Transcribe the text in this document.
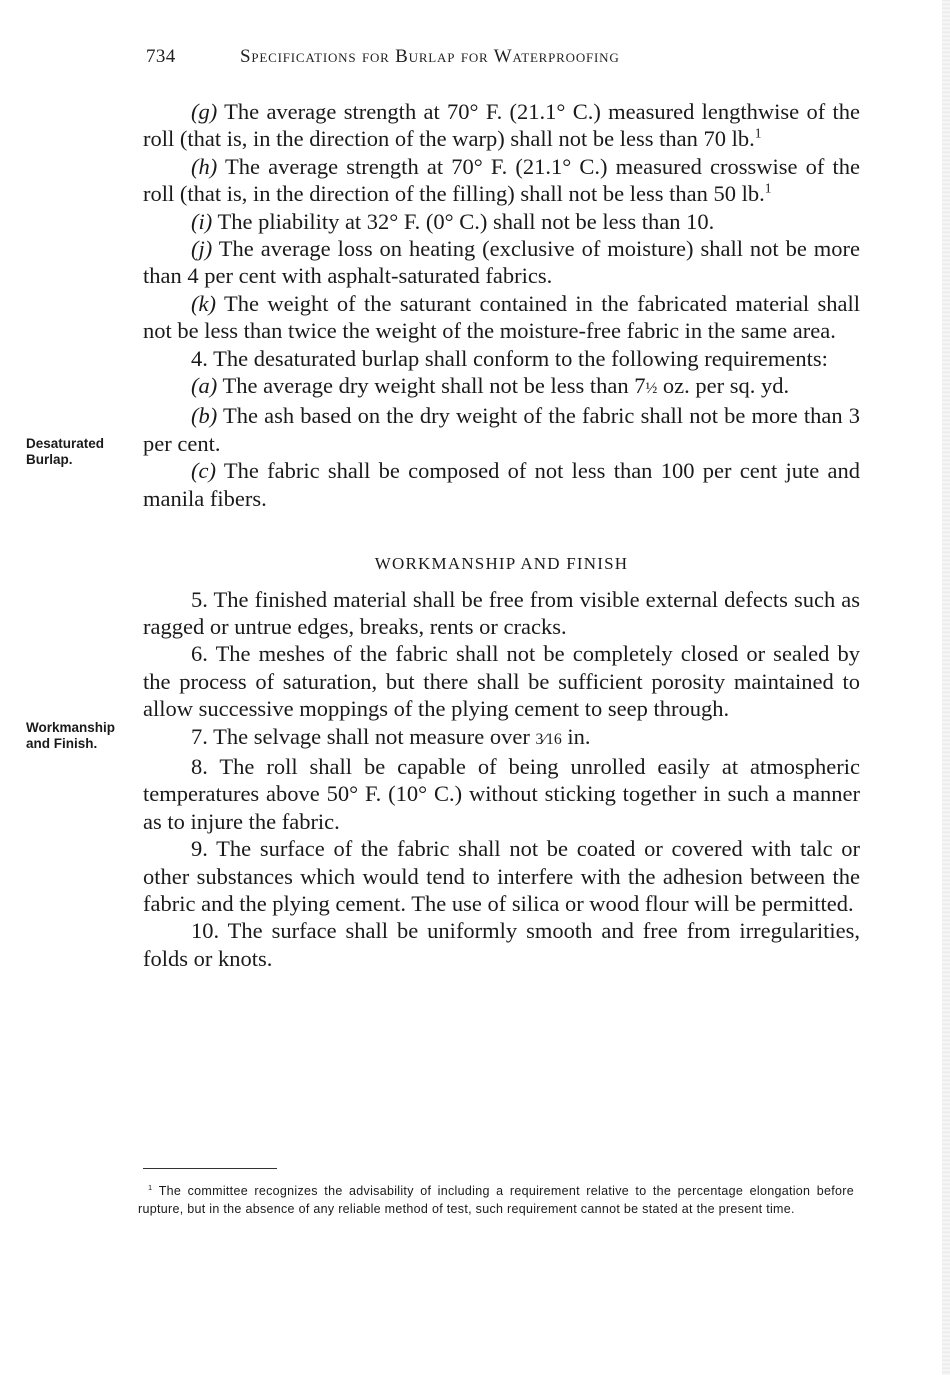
734	Specifications for Burlap for Waterproofing
Desaturated Burlap.
Workmanship and Finish.

(g) The average strength at 70° F. (21.1° C.) measured lengthwise of the roll (that is, in the direction of the warp) shall not be less than 70 lb.$^1$

(h) The average strength at 70° F. (21.1° C.) measured crosswise of the roll (that is, in the direction of the filling) shall not be less than 50 lb.$^1$

(i) The pliability at 32° F. (0° C.) shall not be less than 10.

(j) The average loss on heating (exclusive of moisture) shall not be more than 4 per cent with asphalt-saturated fabrics.

(k) The weight of the saturant contained in the fabricated material shall not be less than twice the weight of the moisture-free fabric in the same area.

4. The desaturated burlap shall conform to the following requirements:

(a) The average dry weight shall not be less than 7½ oz. per sq. yd.

(b) The ash based on the dry weight of the fabric shall not be more than 3 per cent.

(c) The fabric shall be composed of not less than 100 per cent jute and manila fibers.

WORKMANSHIP AND FINISH

5. The finished material shall be free from visible external defects such as ragged or untrue edges, breaks, rents or cracks.

6. The meshes of the fabric shall not be completely closed or sealed by the process of saturation, but there shall be sufficient porosity maintained to allow successive moppings of the plying cement to seep through.

7. The selvage shall not measure over 3⁄16 in.

8. The roll shall be capable of being unrolled easily at atmospheric temperatures above 50° F. (10° C.) without sticking together in such a manner as to injure the fabric.

9. The surface of the fabric shall not be coated or covered with talc or other substances which would tend to interfere with the adhesion between the fabric and the plying cement. The use of silica or wood flour will be permitted.

10. The surface shall be uniformly smooth and free from irregularities, folds or knots.

$^1$ The committee recognizes the advisability of including a requirement relative to the percentage elongation before rupture, but in the absence of any reliable method of test, such requirement cannot be stated at the present time.
